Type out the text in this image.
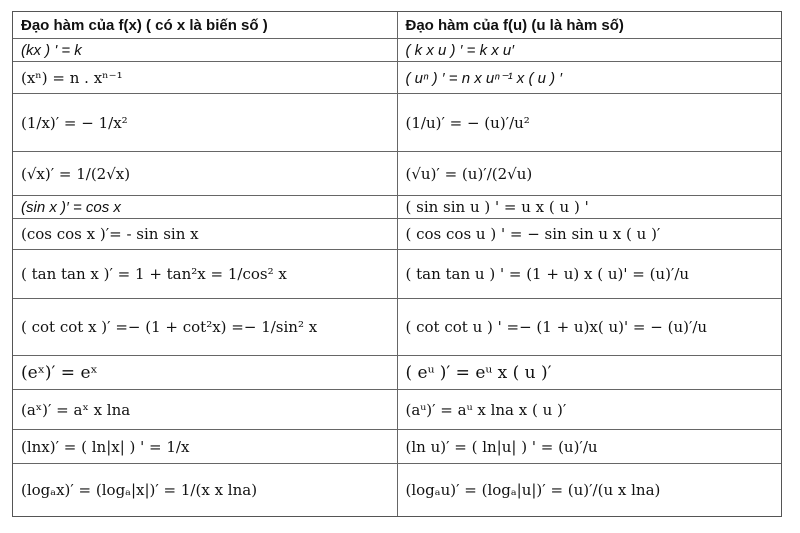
Đạo hàm của f(x) ( có x là biến số )	Đạo hàm của f(u) (u là hàm số)
(kx ) ' = k	( k x u ) ′ = k x u′
(xⁿ) = n . xⁿ⁻¹	( uⁿ ) ′ = n x uⁿ⁻¹ x ( u ) ′
(1/x)′ = − 1/x²	(1/u)′ = − (u)′/u²
(√x)′ = 1/(2√x)	(√u)′ = (u)′/(2√u)
(sin x )′ = cos x	( sin sin u ) ' = u x ( u ) '
(cos cos x )′= - sin sin x	( cos cos u ) ' = − sin sin u x ( u )′
( tan tan x )′ = 1 + tan²x = 1/cos² x	( tan tan u ) ' = (1 + u) x ( u)' = (u)′/u
( cot cot x )′ =− (1 + cot²x) =− 1/sin² x	( cot cot u ) ' =− (1 + u)x( u)' = − (u)′/u
(eˣ)′ = eˣ	( eᵘ )′ = eᵘ x ( u )′
(aˣ)′ = aˣ x lna	(aᵘ)′ = aᵘ x lna x ( u )′
(lnx)′ = ( ln|x| ) ' = 1/x	(ln u)′ = ( ln|u| ) ' = (u)′/u
(logₐx)′ = (logₐ|x|)′ = 1/(x x lna)	(logₐu)′ = (logₐ|u|)′ = (u)′/(u x lna)
